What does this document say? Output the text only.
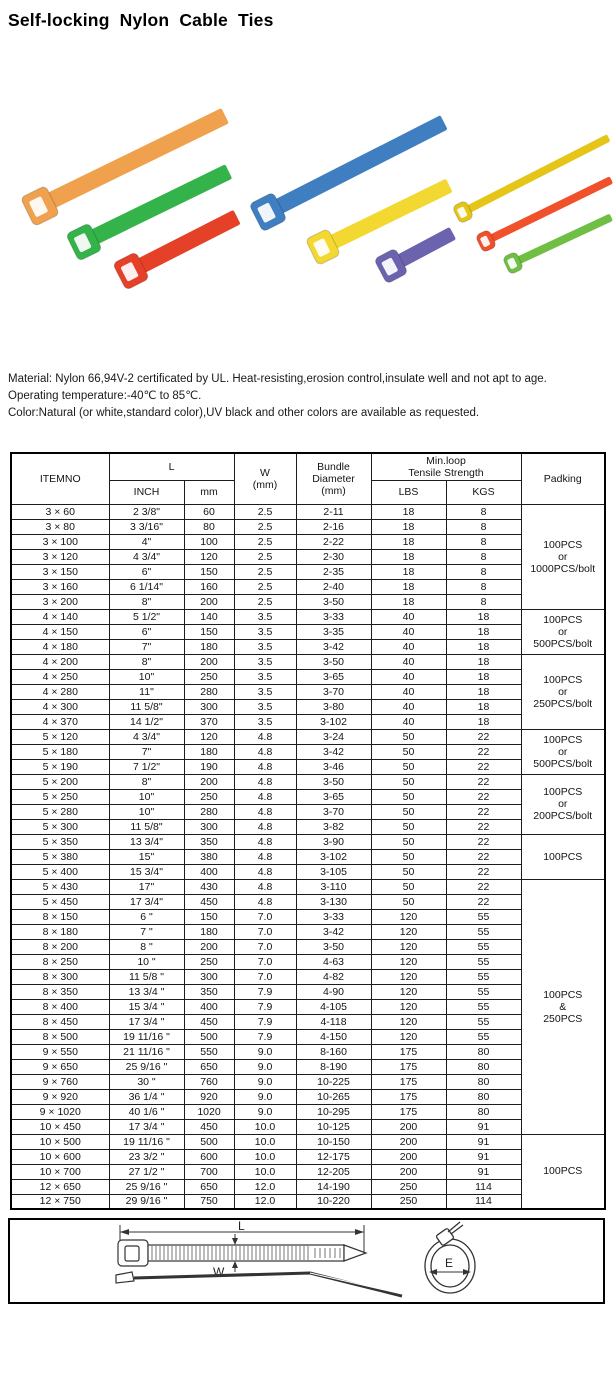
Self-locking Nylon Cable Ties
Material: Nylon 66,94V-2 certificated by UL. Heat-resisting,erosion control,insulate well and not apt to age.
Operating temperature:-40℃ to 85℃.
Color:Natural (or white,standard color),UV black and other colors are available as requested.
ITEMNO	L	W
(mm)

Bundle
Diameter
(mm)

Min.loop
Tensile Strength	Padking
	INCH	mm			LBS	KGS	
3 × 60	2 3/8"	60	2.5	2-11	18	8	100PCS
or
1000PCS/bolt

3 × 80	3 3/16"	80	2.5	2-16	18	8	
3 × 100	4"	100	2.5	2-22	18	8	
3 × 120	4 3/4"	120	2.5	2-30	18	8	
3 × 150	6"	150	2.5	2-35	18	8	
3 × 160	6 1/14"	160	2.5	2-40	18	8	
3 × 200	8"	200	2.5	3-50	18	8	
4 × 140	5 1/2"	140	3.5	3-33	40	18	100PCS
or
500PCS/bolt

4 × 150	6"	150	3.5	3-35	40	18	
4 × 180	7"	180	3.5	3-42	40	18	
4 × 200	8"	200	3.5	3-50	40	18	100PCS
or
250PCS/bolt

4 × 250	10"	250	3.5	3-65	40	18	
4 × 280	11"	280	3.5	3-70	40	18	
4 × 300	11 5/8"	300	3.5	3-80	40	18	
4 × 370	14 1/2"	370	3.5	3-102	40	18	
5 × 120	4 3/4"	120	4.8	3-24	50	22	100PCS
or
500PCS/bolt

5 × 180	7"	180	4.8	3-42	50	22	
5 × 190	7 1/2"	190	4.8	3-46	50	22	
5 × 200	8"	200	4.8	3-50	50	22	100PCS
or
200PCS/bolt

5 × 250	10"	250	4.8	3-65	50	22	
5 × 280	10"	280	4.8	3-70	50	22	
5 × 300	11 5/8"	300	4.8	3-82	50	22	
5 × 350	13 3/4"	350	4.8	3-90	50	22	100PCS

5 × 380	15"	380	4.8	3-102	50	22	
5 × 400	15 3/4"	400	4.8	3-105	50	22	
5 × 430	17"	430	4.8	3-110	50	22	100PCS
&
250PCS

5 × 450	17 3/4"	450	4.8	3-130	50	22	
8 × 150	6 "	150	7.0	3-33	120	55	
8 × 180	7 "	180	7.0	3-42	120	55	
8 × 200	8 "	200	7.0	3-50	120	55	
8 × 250	10 "	250	7.0	4-63	120	55	
8 × 300	11 5/8 "	300	7.0	4-82	120	55	
8 × 350	13 3/4 "	350	7.9	4-90	120	55	
8 × 400	15 3/4 "	400	7.9	4-105	120	55	
8 × 450	17 3/4 "	450	7.9	4-118	120	55	
8 × 500	19 11/16 "	500	7.9	4-150	120	55	
9 × 550	21 11/16 "	550	9.0	8-160	175	80	
9 × 650	25 9/16 "	650	9.0	8-190	175	80	
9 × 760	30 "	760	9.0	10-225	175	80	
9 × 920	36 1/4 "	920	9.0	10-265	175	80	
9 × 1020	40 1/6 "	1020	9.0	10-295	175	80	
10 × 450	17 3/4 "	450	10.0	10-125	200	91	
10 × 500	19 11/16 "	500	10.0	10-150	200	91	100PCS

10 × 600	23 3/2 "	600	10.0	12-175	200	91	
10 × 700	27 1/2 "	700	10.0	12-205	200	91	
12 × 650	25 9/16 "	650	12.0	14-190	250	114	
12 × 750	29 9/16 "	750	12.0	10-220	250	114	
L
W
E
